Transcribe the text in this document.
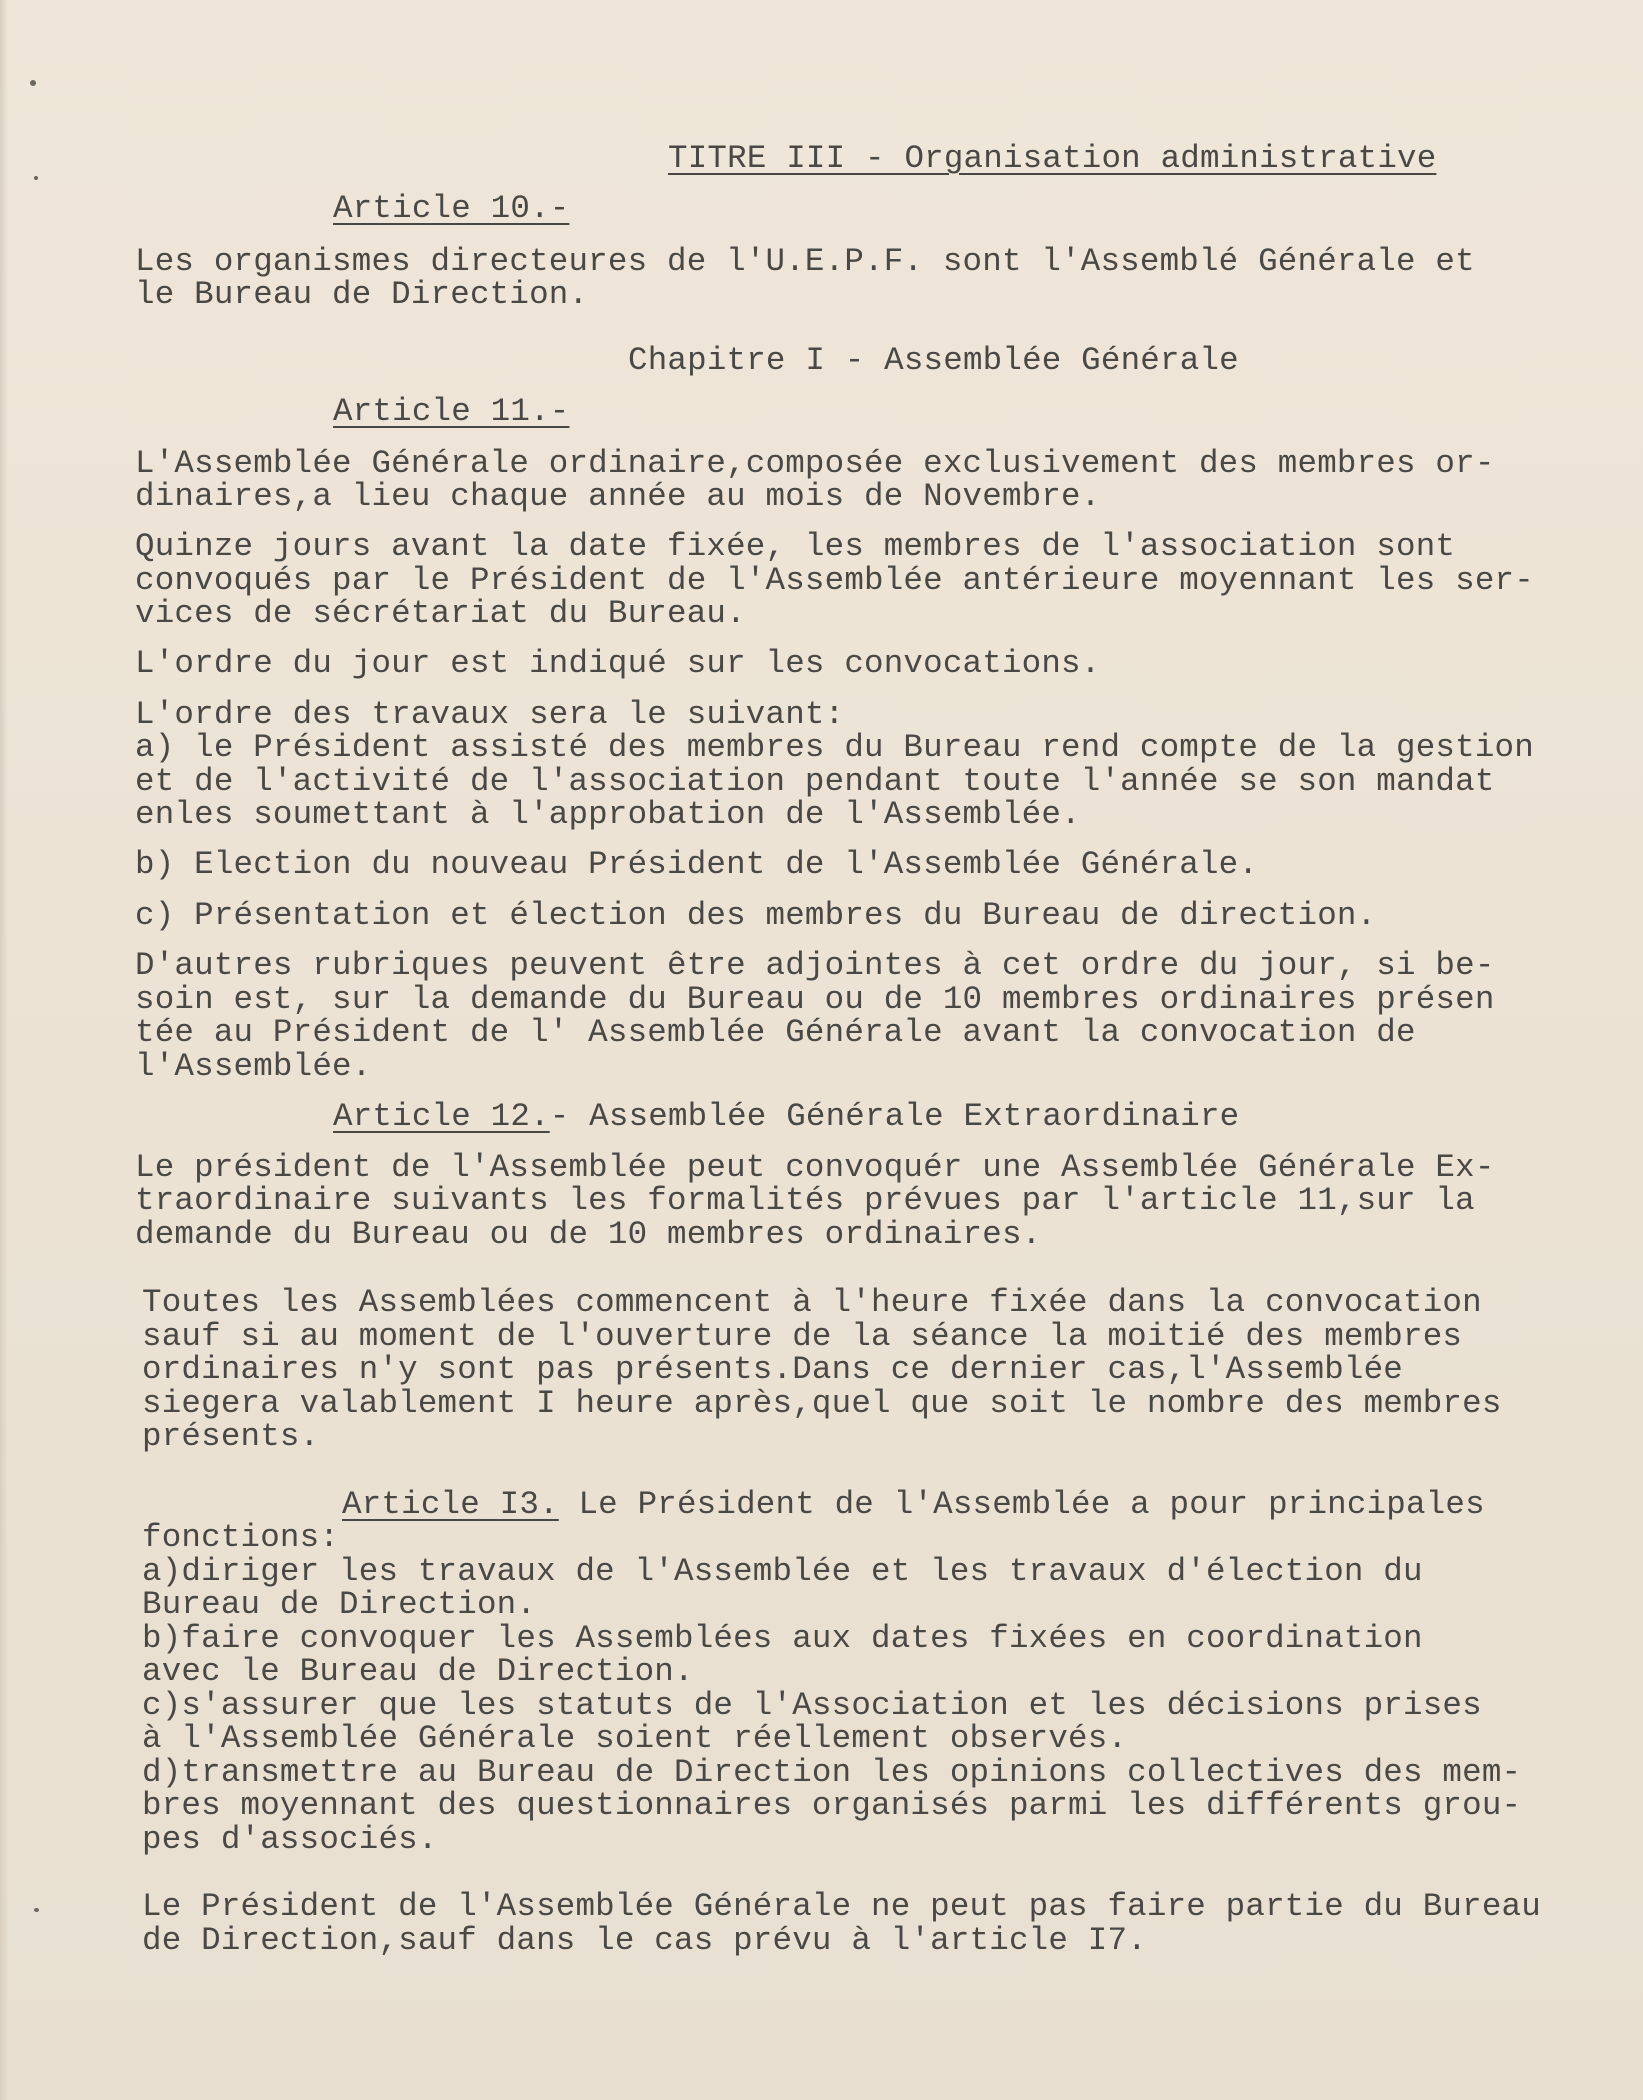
TITRE III - Organisation administrative

Article 10.-

Les organismes directeures de l'U.E.P.F. sont l'Assemblé Générale et

le Bureau de Direction.

Chapitre I - Assemblée Générale

Article 11.-

L'Assemblée Générale ordinaire,composée exclusivement des membres or-

dinaires,a lieu chaque année au mois de Novembre.

Quinze jours avant la date fixée, les membres de l'association sont

convoqués par le Président de l'Assemblée antérieure moyennant les ser-

vices de sécrétariat du Bureau.

L'ordre du jour est indiqué sur les convocations.

L'ordre des travaux sera le suivant:

a) le Président assisté des membres du Bureau rend compte de la gestion

et de l'activité de l'association pendant toute l'année se son mandat

enles soumettant à l'approbation de l'Assemblée.

b) Election du nouveau Président de l'Assemblée Générale.

c) Présentation et élection des membres du Bureau de direction.

D'autres rubriques peuvent être adjointes à cet ordre du jour, si be-

soin est, sur la demande du Bureau ou de 10 membres ordinaires présen

tée au Président de l' Assemblée Générale avant la convocation de

l'Assemblée.

Article 12.- Assemblée Générale Extraordinaire

Le président de l'Assemblée peut convoquér une Assemblée Générale Ex-

traordinaire suivants les formalités prévues par l'article 11,sur la

demande du Bureau ou de 10 membres ordinaires.

Toutes les Assemblées commencent à l'heure fixée dans la convocation

sauf si au moment de l'ouverture de la séance la moitié des membres

ordinaires n'y sont pas présents.Dans ce dernier cas,l'Assemblée

siegera valablement I heure après,quel que soit le nombre des membres

présents.

Article I3. Le Président de l'Assemblée a pour principales

fonctions:

a)diriger les travaux de l'Assemblée et les travaux d'élection du

Bureau de Direction.

b)faire convoquer les Assemblées aux dates fixées en coordination

avec le Bureau de Direction.

c)s'assurer que les statuts de l'Association et les décisions prises

à l'Assemblée Générale soient réellement observés.

d)transmettre au Bureau de Direction les opinions collectives des mem-

bres moyennant des questionnaires organisés parmi les différents grou-

pes d'associés.

Le Président de l'Assemblée Générale ne peut pas faire partie du Bureau

de Direction,sauf dans le cas prévu à l'article I7.
